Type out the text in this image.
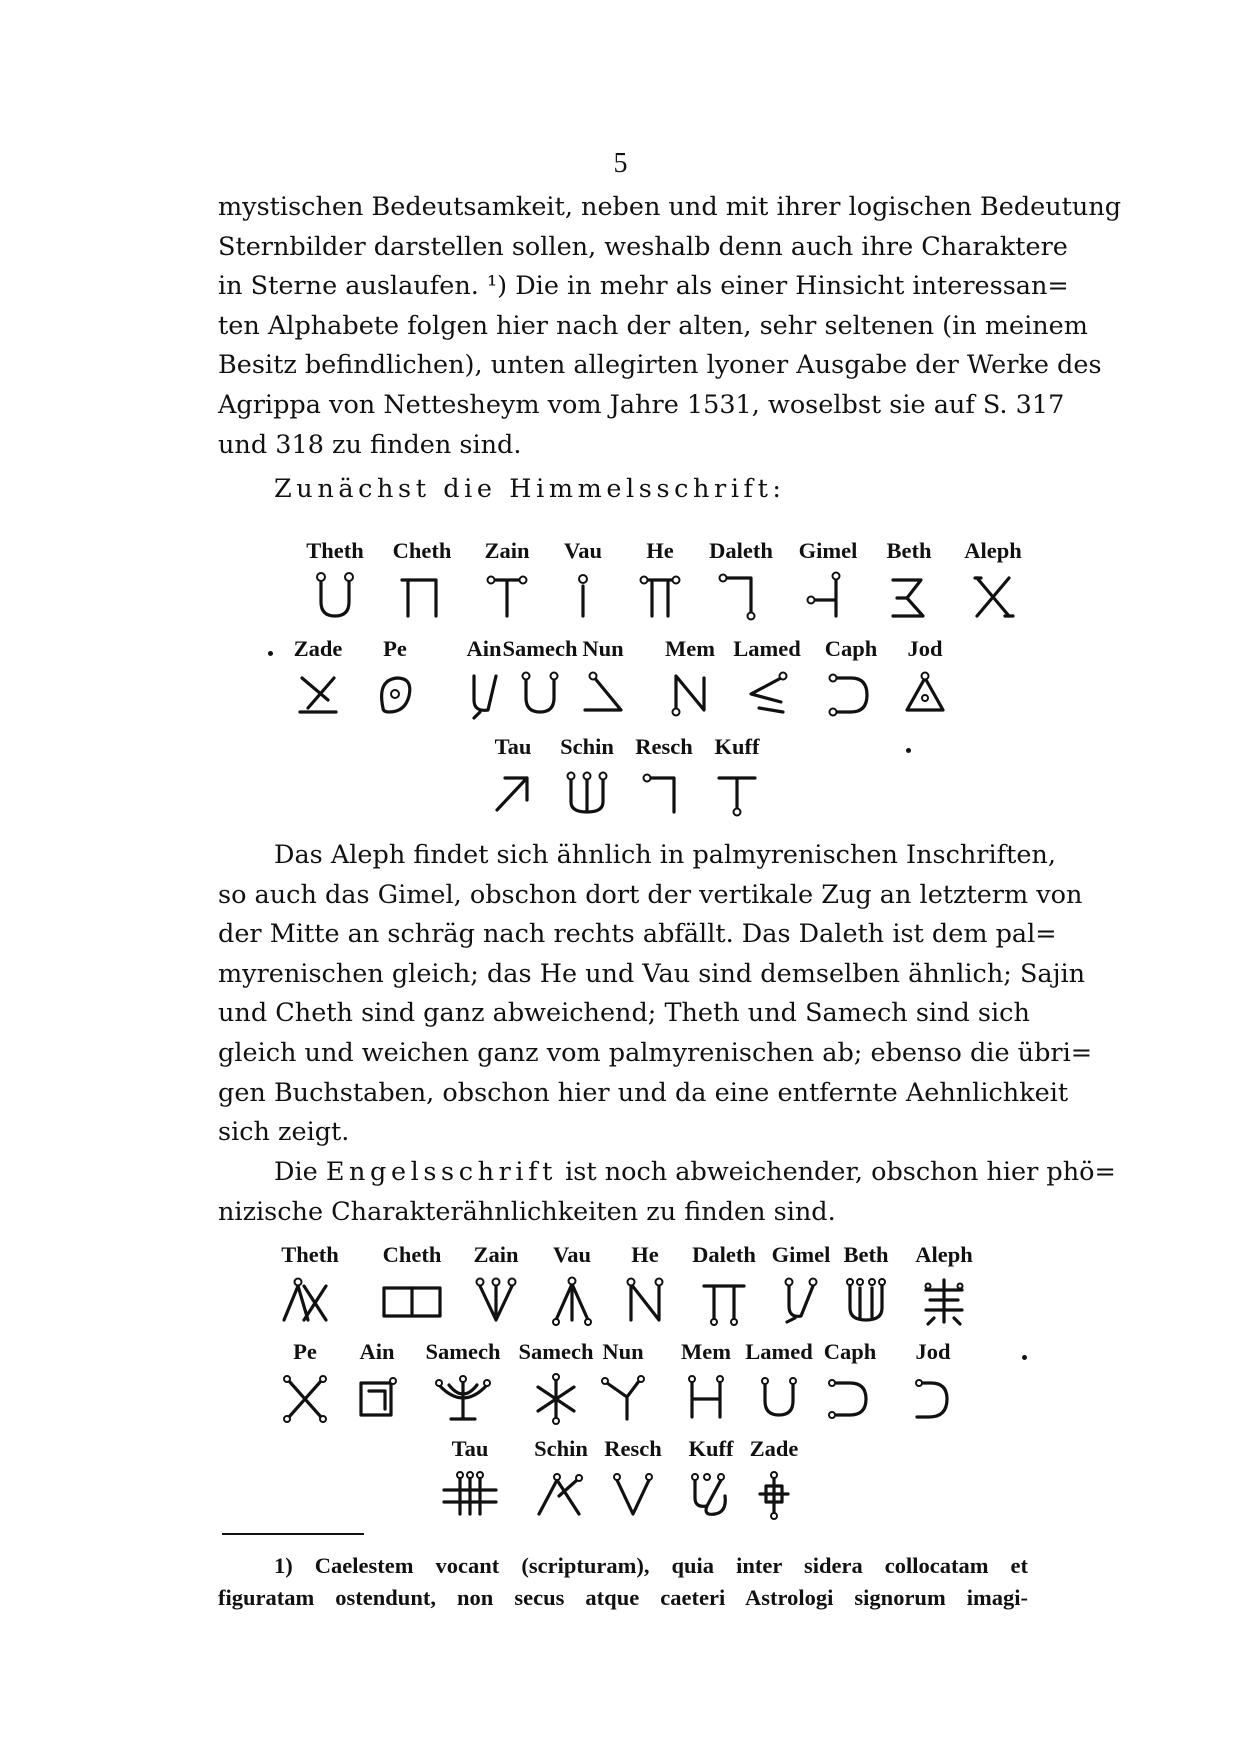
5
mystischen Bedeutsamkeit, neben und mit ihrer logischen Bedeutung
Sternbilder darstellen sollen, weshalb denn auch ihre Charaktere
in Sterne auslaufen. ¹) Die in mehr als einer Hinsicht interessan=
ten Alphabete folgen hier nach der alten, sehr seltenen (in meinem
Besitz befindlichen), unten allegirten lyoner Ausgabe der Werke des
Agrippa von Nettesheym vom Jahre 1531, woselbst sie auf S. 317
und 318 zu finden sind.
Zunächst die Himmelsschrift:
Theth	Cheth	Zain	Vau	He	Daleth	Gimel	Beth	Aleph
Zade	Pe	Ain Samech Nun	Mem Lamed	Caph	Jod
Tau	Schin Resch Kuff
Das Aleph findet sich ähnlich in palmyrenischen Inschriften,
so auch das Gimel, obschon dort der vertikale Zug an letzterm von
der Mitte an schräg nach rechts abfällt. Das Daleth ist dem pal=
myrenischen gleich; das He und Vau sind demselben ähnlich; Sajin
und Cheth sind ganz abweichend; Theth und Samech sind sich
gleich und weichen ganz vom palmyrenischen ab; ebenso die übri=
gen Buchstaben, obschon hier und da eine entfernte Aehnlichkeit
sich zeigt.
Die Engelsschrift ist noch abweichender, obschon hier phö=
nizische Charakterähnlichkeiten zu finden sind.
Theth	Cheth	Zain	Vau	He	Daleth Gimel Beth	Aleph
Pe	Ain	Samech Samech Nun	Mem Lamed Caph	Jod
Tau	Schin Resch	Kuff Zade
1) Caelestem vocant (scripturam), quia inter sidera collocatam et
figuratam ostendunt, non secus atque caeteri Astrologi signorum imagi-
